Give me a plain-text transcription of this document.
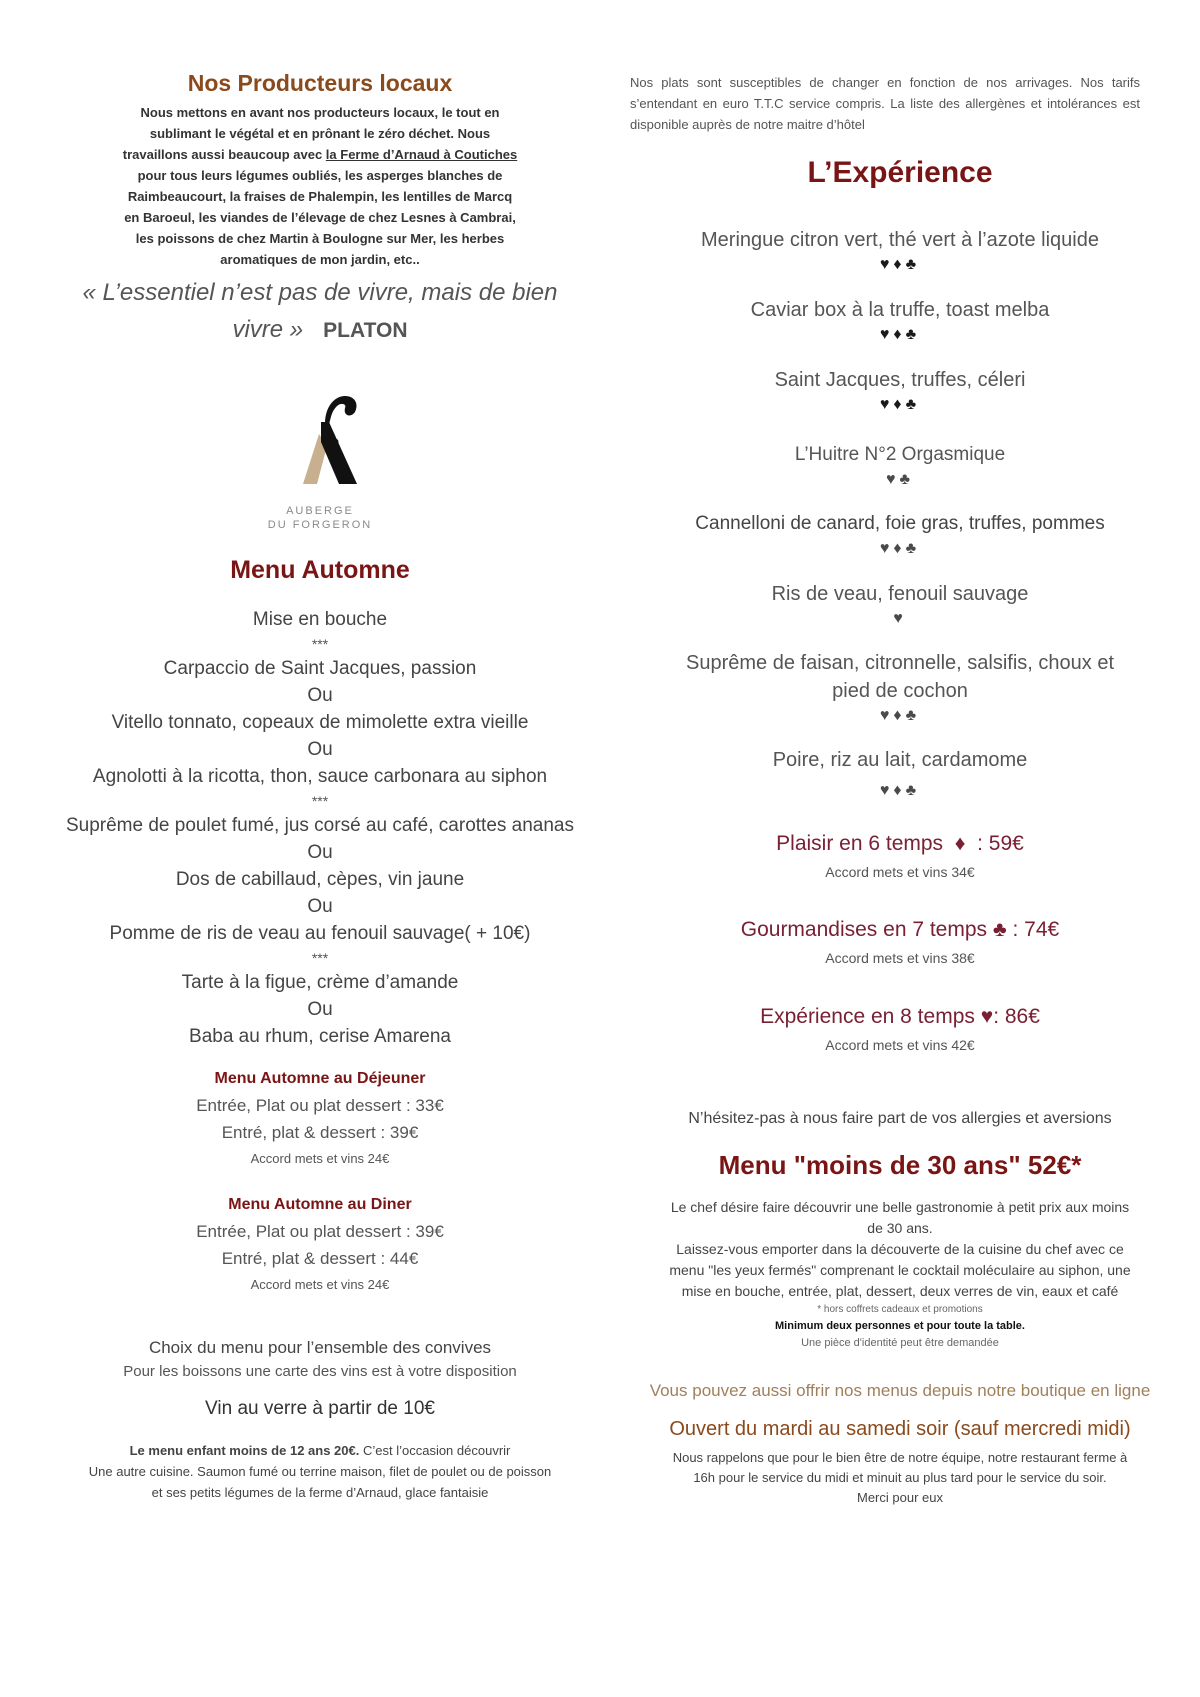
Nos Producteurs locaux
Nous mettons en avant nos producteurs locaux, le tout en
sublimant le végétal et en prônant le zéro déchet. Nous
travaillons aussi beaucoup avec la Ferme d’Arnaud à Coutiches
pour tous leurs légumes oubliés, les asperges blanches de
Raimbeaucourt, la fraises de Phalempin, les lentilles de Marcq
en Baroeul, les viandes de l’élevage de chez Lesnes à Cambrai,
les poissons de chez Martin à Boulogne sur Mer, les herbes
aromatiques de mon jardin, etc..
« L’essentiel n’est pas de vivre, mais de bien
vivre » PLATON
AUBERGE
DU FORGERON
Menu Automne
Mise en bouche
***
Carpaccio de Saint Jacques, passion
Ou
Vitello tonnato, copeaux de mimolette extra vieille
Ou
Agnolotti à la ricotta, thon, sauce carbonara au siphon
***
Suprême de poulet fumé, jus corsé au café, carottes ananas
Ou
Dos de cabillaud, cèpes, vin jaune
Ou
Pomme de ris de veau au fenouil sauvage( + 10€)
***
Tarte à la figue, crème d’amande
Ou
Baba au rhum, cerise Amarena
Menu Automne au Déjeuner
Entrée, Plat ou plat dessert : 33€
Entré, plat & dessert : 39€
Accord mets et vins 24€
Menu Automne au Diner
Entrée, Plat ou plat dessert : 39€
Entré, plat & dessert : 44€
Accord mets et vins 24€
Choix du menu pour l’ensemble des convives
Pour les boissons une carte des vins est à votre disposition
Vin au verre à partir de 10€
Le menu enfant moins de 12 ans 20€. C’est l’occasion découvrir
Une autre cuisine. Saumon fumé ou terrine maison, filet de poulet ou de poisson
et ses petits légumes de la ferme d’Arnaud, glace fantaisie
Nos plats sont susceptibles de changer en fonction de nos arrivages. Nos tarifs s’entendant en euro T.T.C service compris. La liste des allergènes et intolérances est disponible auprès de notre maitre d’hôtel
L’Expérience
Meringue citron vert, thé vert à l’azote liquide
♥♦♣
Caviar box à la truffe, toast melba
♥♦♣
Saint Jacques, truffes, céleri
♥♦♣
L’Huitre N°2 Orgasmique
♥♣
Cannelloni de canard, foie gras, truffes, pommes
♥♦♣
Ris de veau, fenouil sauvage
♥
Suprême de faisan, citronnelle, salsifis, choux et
pied de cochon
♥♦♣
Poire, riz au lait, cardamome
♥♦♣
Plaisir en 6 temps ♦ : 59€
Accord mets et vins 34€
Gourmandises en 7 temps ♣ : 74€
Accord mets et vins 38€
Expérience en 8 temps ♥: 86€
Accord mets et vins 42€
N’hésitez-pas à nous faire part de vos allergies et aversions
Menu "moins de 30 ans" 52€*
Le chef désire faire découvrir une belle gastronomie à petit prix aux moins
de 30 ans.
Laissez-vous emporter dans la découverte de la cuisine du chef avec ce
menu "les yeux fermés" comprenant le cocktail moléculaire au siphon, une
mise en bouche, entrée, plat, dessert, deux verres de vin, eaux et café
* hors coffrets cadeaux et promotions
Minimum deux personnes et pour toute la table.
Une pièce d'identité peut être demandée
Vous pouvez aussi offrir nos menus depuis notre boutique en ligne
Ouvert du mardi au samedi soir (sauf mercredi midi)
Nous rappelons que pour le bien être de notre équipe, notre restaurant ferme à
16h pour le service du midi et minuit au plus tard pour le service du soir.
Merci pour eux
